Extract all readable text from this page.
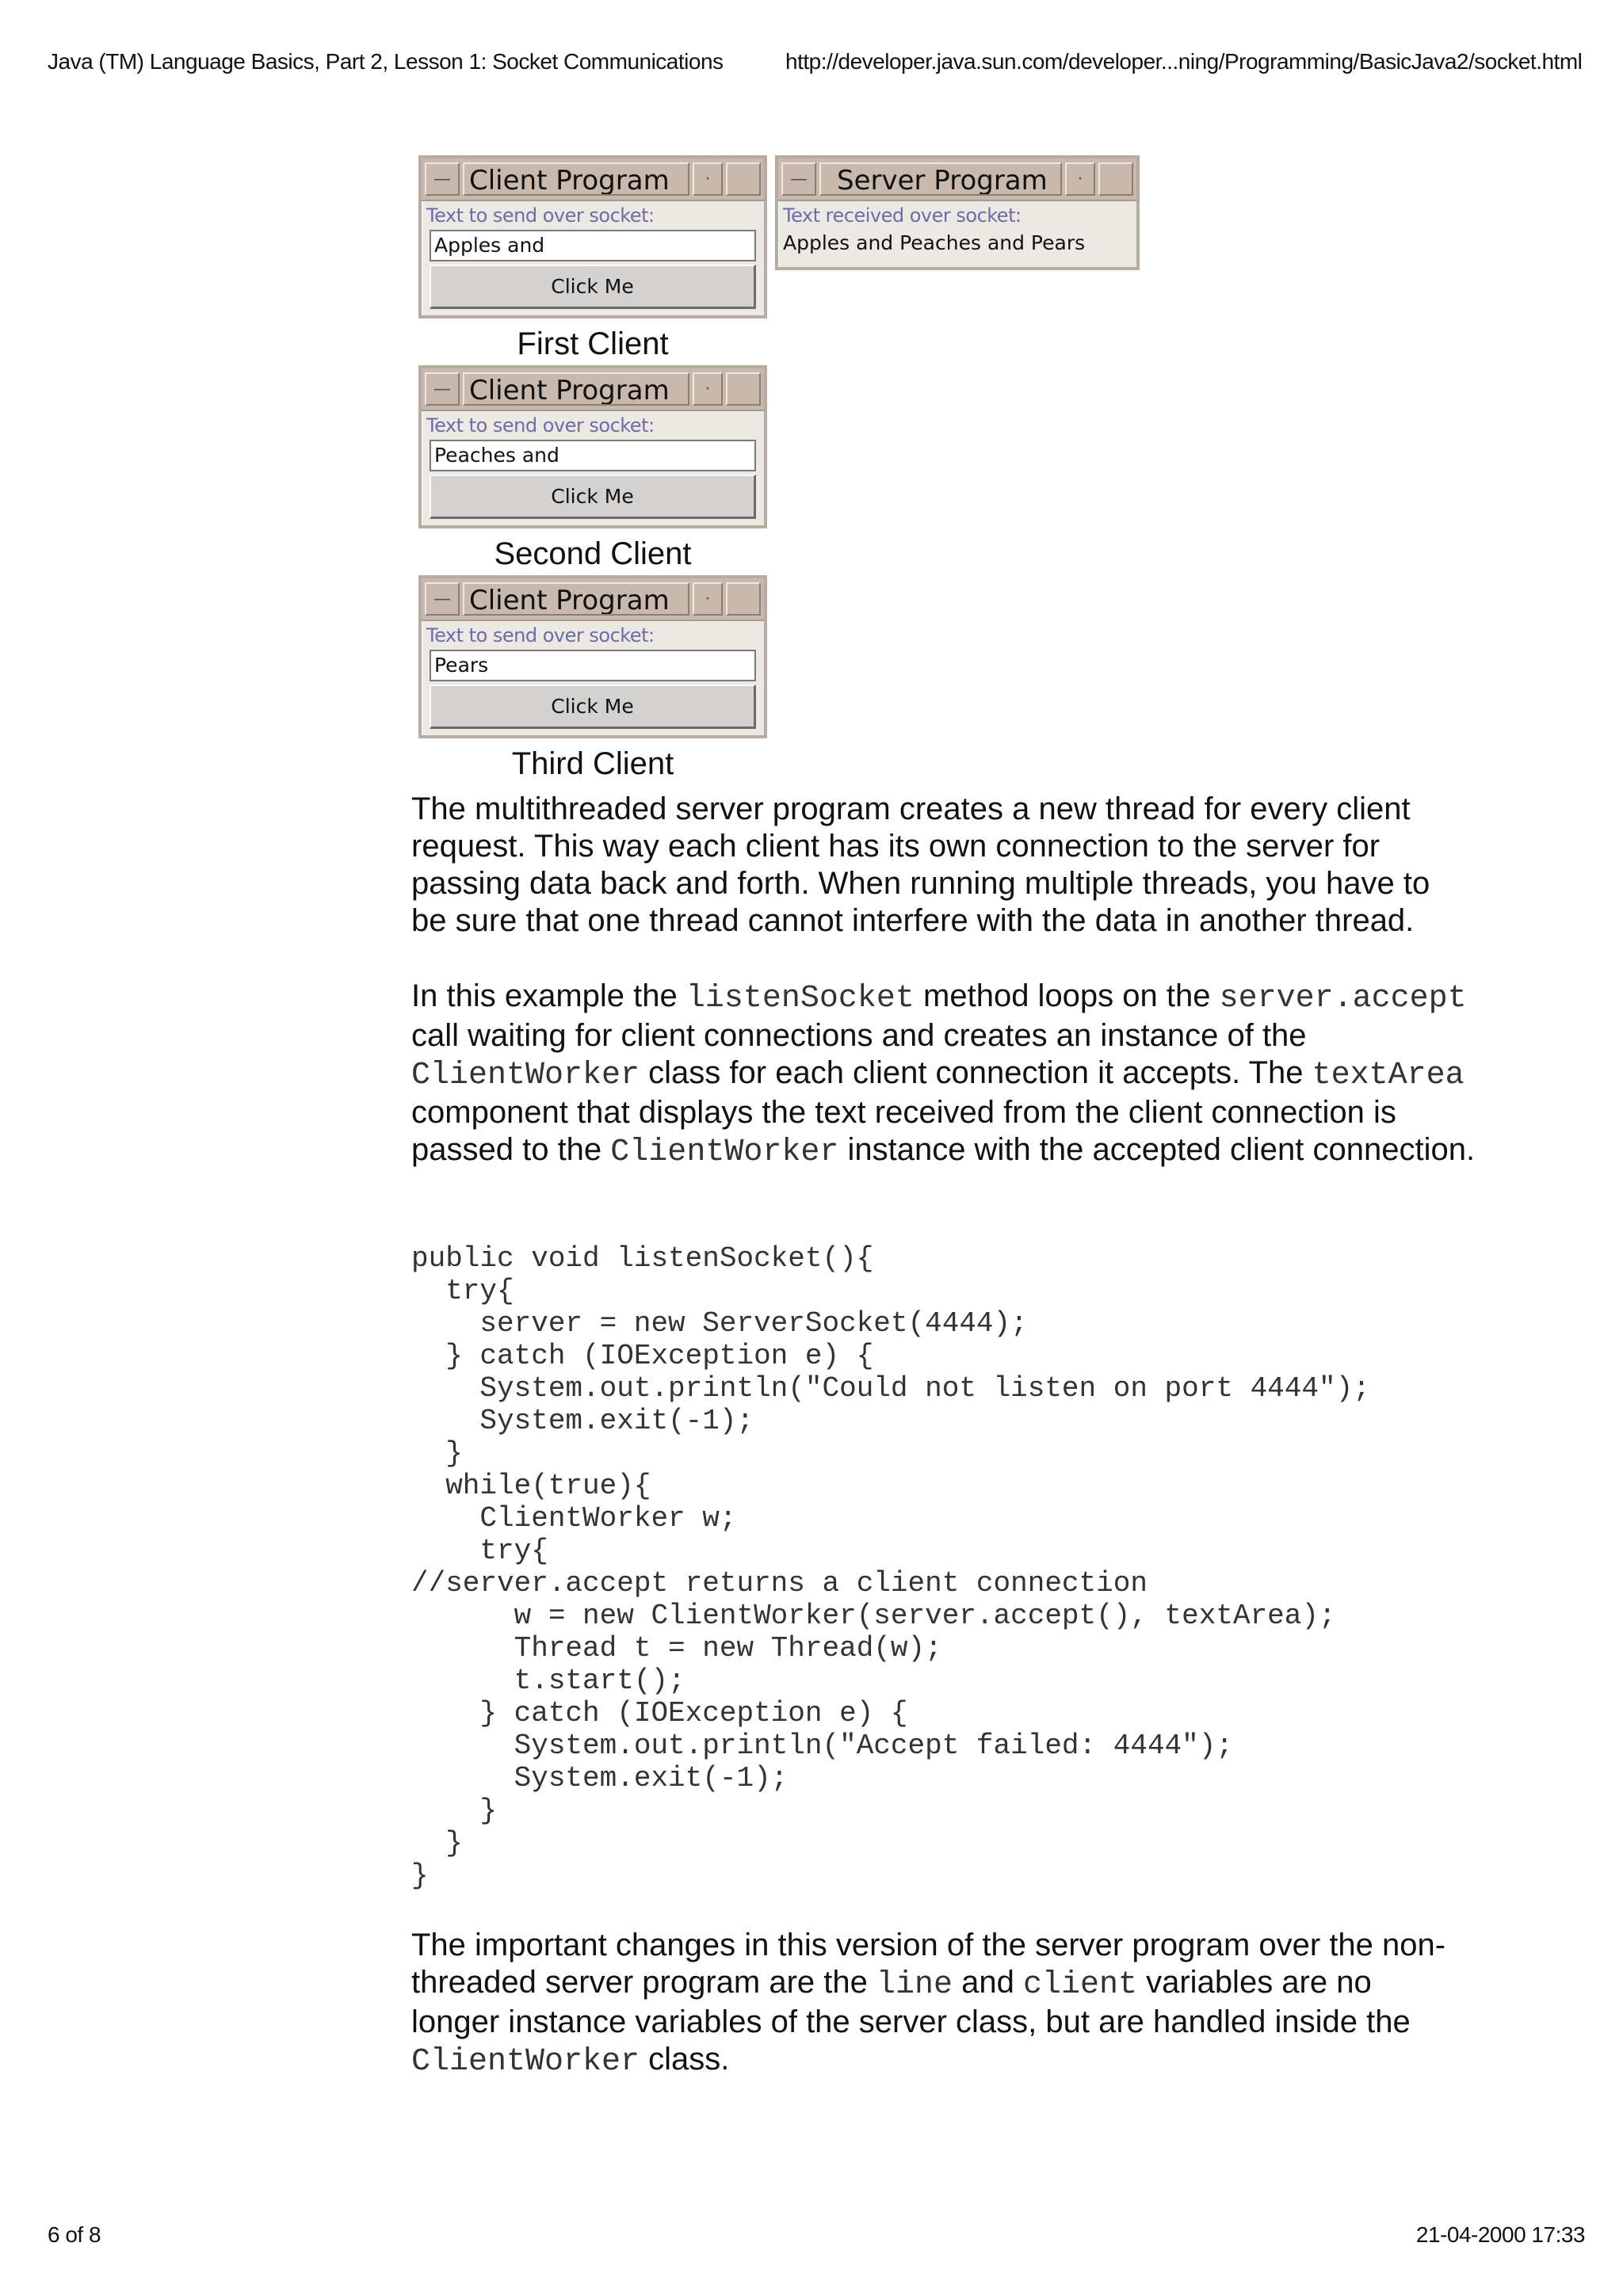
Java (TM) Language Basics, Part 2, Lesson 1: Socket Communications	http://developer.java.sun.com/developer...ning/Programming/BasicJava2/socket.html
— Client Program	·
Text to send over socket:
Apples and
Click Me
First Client
—	Server Program	·
Text received over socket:
Apples and Peaches and Pears
— Client Program	·
Text to send over socket:
Peaches and
Click Me
Second Client
— Client Program	·
Text to send over socket:
Pears
Click Me
Third Client

The multithreaded server program creates a new thread for every client request. This way each client has its own connection to the server for passing data back and forth. When running multiple threads, you have to be sure that one thread cannot interfere with the data in another thread.

In this example the listenSocket method loops on the server.accept call waiting for client connections and creates an instance of the ClientWorker class for each client connection it accepts. The textArea component that displays the text received from the client connection is passed to the ClientWorker instance with the accepted client connection.

public void listenSocket(){
try{
server = new ServerSocket(4444);
} catch (IOException e) {
System.out.println("Could not listen on port 4444");
System.exit(-1);
}
while(true){
ClientWorker w;
try{
//server.accept returns a client connection
w = new ClientWorker(server.accept(), textArea);
Thread t = new Thread(w);
t.start();
} catch (IOException e) {
System.out.println("Accept failed: 4444");
System.exit(-1);
}
}
}

The important changes in this version of the server program over the non-threaded server program are the line and client variables are no longer instance variables of the server class, but are handled inside the ClientWorker class.

6 of 8	21-04-2000 17:33
